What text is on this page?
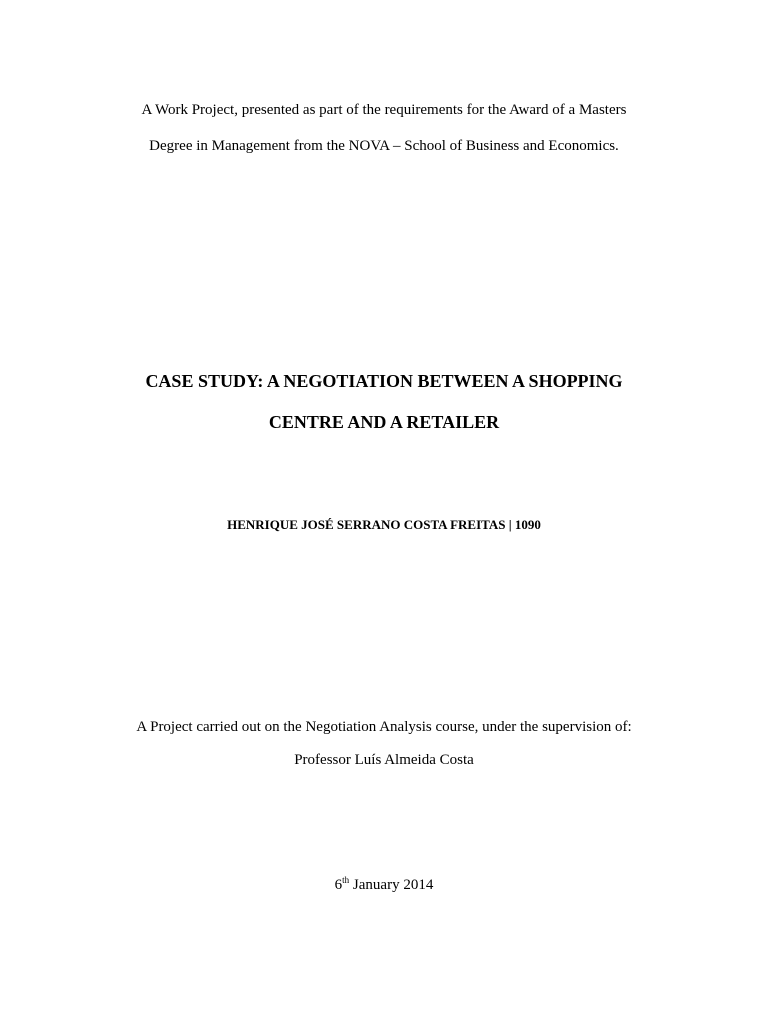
A Work Project, presented as part of the requirements for the Award of a Masters
Degree in Management from the NOVA – School of Business and Economics.
CASE STUDY: A NEGOTIATION BETWEEN A SHOPPING
CENTRE AND A RETAILER
HENRIQUE JOSÉ SERRANO COSTA FREITAS | 1090
A Project carried out on the Negotiation Analysis course, under the supervision of:
Professor Luís Almeida Costa
6th January 2014
